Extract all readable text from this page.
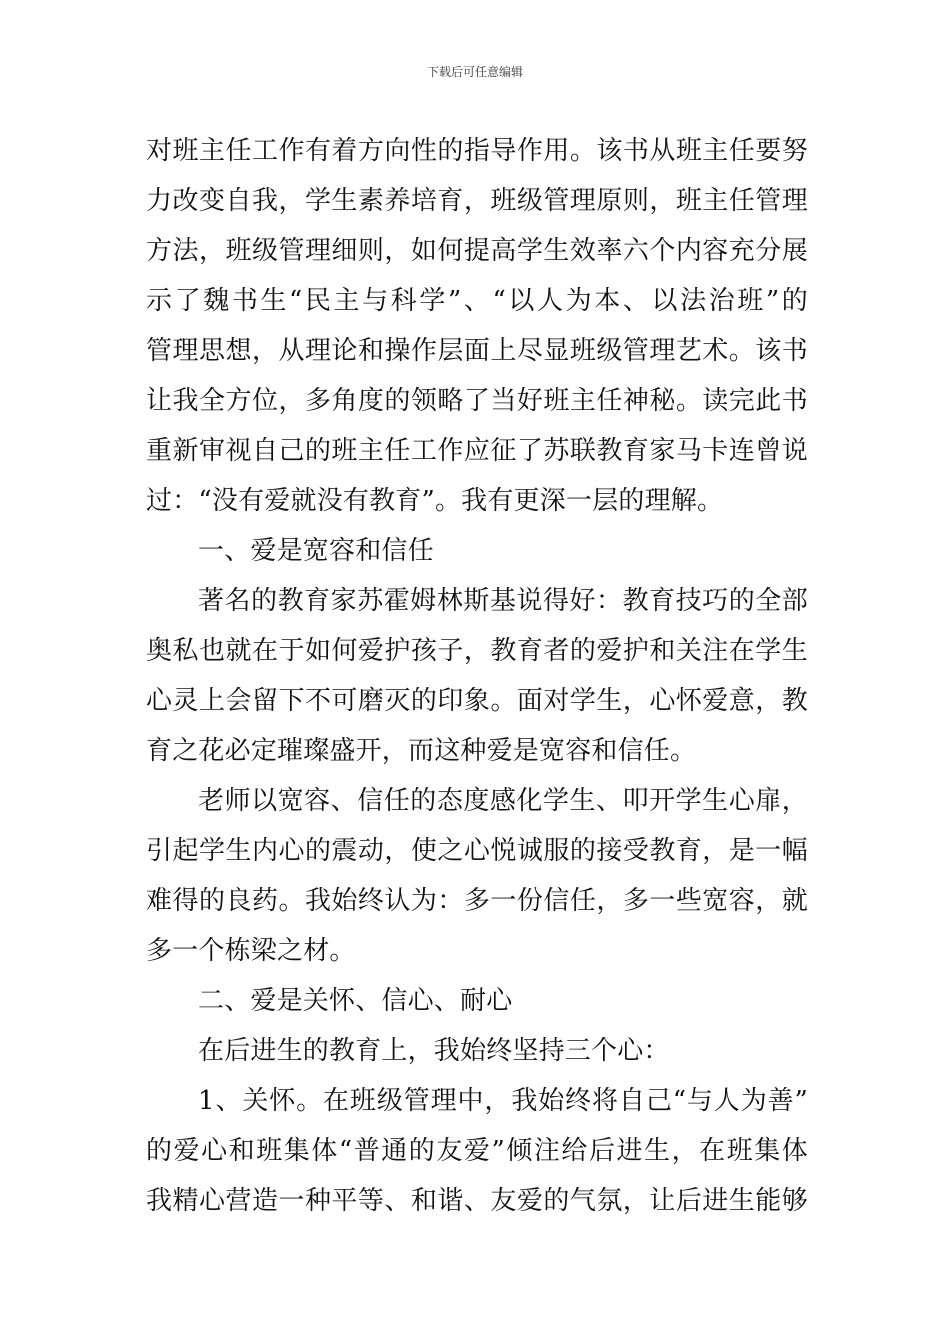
下载后可任意编辑
对班主任工作有着方向性的指导作用。该书从班主任要努
力改变自我，学生素养培育，班级管理原则，班主任管理
方法，班级管理细则，如何提高学生效率六个内容充分展
示了魏书生“民主与科学”、“以人为本、以法治班”的
管理思想，从理论和操作层面上尽显班级管理艺术。该书
让我全方位，多角度的领略了当好班主任神秘。读完此书
重新审视自己的班主任工作应征了苏联教育家马卡连曾说
过：“没有爱就没有教育”。我有更深一层的理解。
一、爱是宽容和信任
著名的教育家苏霍姆林斯基说得好：教育技巧的全部
奥私也就在于如何爱护孩子，教育者的爱护和关注在学生
心灵上会留下不可磨灭的印象。面对学生，心怀爱意，教
育之花必定璀璨盛开，而这种爱是宽容和信任。
老师以宽容、信任的态度感化学生、叩开学生心扉，
引起学生内心的震动，使之心悦诚服的接受教育，是一幅
难得的良药。我始终认为：多一份信任，多一些宽容，就
多一个栋梁之材。
二、爱是关怀、信心、耐心
在后进生的教育上，我始终坚持三个心：
1、关怀。在班级管理中，我始终将自己“与人为善”
的爱心和班集体“普通的友爱”倾注给后进生，在班集体
我精心营造一种平等、和谐、友爱的气氛，让后进生能够
